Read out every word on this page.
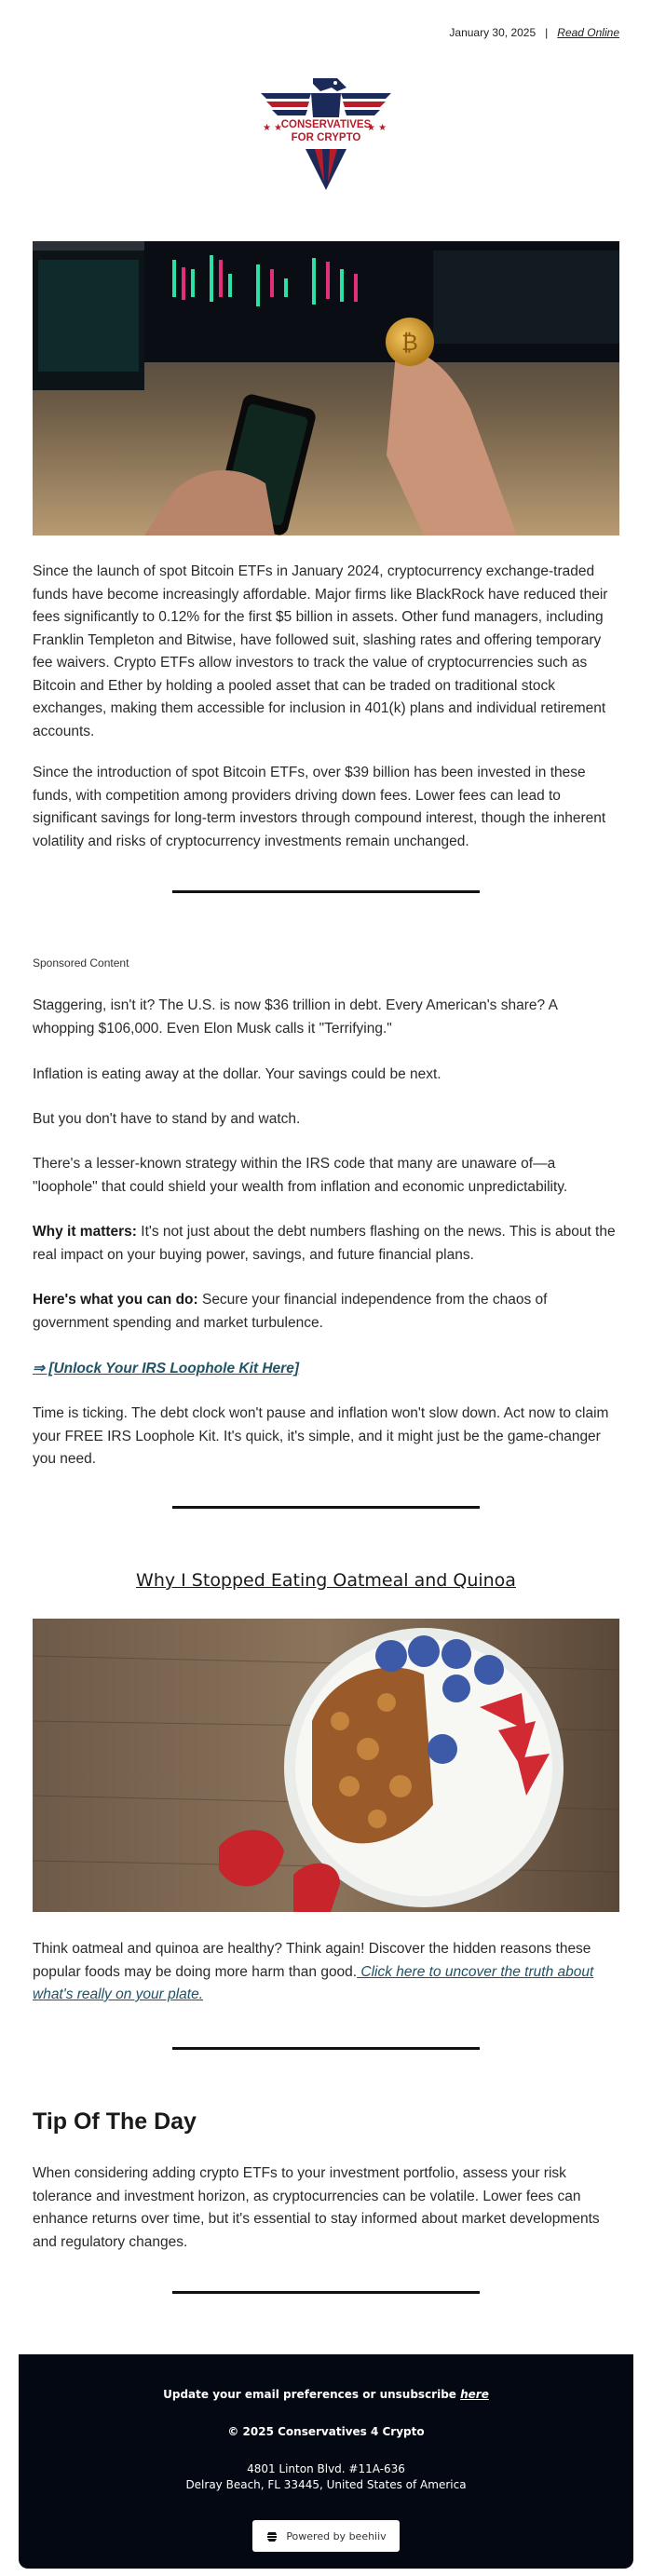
January 30, 2025 | Read Online
★ ★	★ ★
CONSERVATIVES
FOR CRYPTO
₿

Since the launch of spot Bitcoin ETFs in January 2024, cryptocurrency exchange-traded funds have become increasingly affordable. Major firms like BlackRock have reduced their fees significantly to 0.12% for the first $5 billion in assets. Other fund managers, including Franklin Templeton and Bitwise, have followed suit, slashing rates and offering temporary fee waivers. Crypto ETFs allow investors to track the value of cryptocurrencies such as Bitcoin and Ether by holding a pooled asset that can be traded on traditional stock exchanges, making them accessible for inclusion in 401(k) plans and individual retirement accounts.

Since the introduction of spot Bitcoin ETFs, over $39 billion has been invested in these funds, with competition among providers driving down fees. Lower fees can lead to significant savings for long-term investors through compound interest, though the inherent volatility and risks of cryptocurrency investments remain unchanged.

Sponsored Content

Staggering, isn't it? The U.S. is now $36 trillion in debt. Every American's share? A whopping $106,000. Even Elon Musk calls it "Terrifying."

Inflation is eating away at the dollar. Your savings could be next.

But you don't have to stand by and watch.

There's a lesser-known strategy within the IRS code that many are unaware of—a "loophole" that could shield your wealth from inflation and economic unpredictability.

Why it matters: It's not just about the debt numbers flashing on the news. This is about the real impact on your buying power, savings, and future financial plans.

Here's what you can do: Secure your financial independence from the chaos of government spending and market turbulence.

⇒ [Unlock Your IRS Loophole Kit Here]

Time is ticking. The debt clock won't pause and inflation won't slow down. Act now to claim your FREE IRS Loophole Kit. It's quick, it's simple, and it might just be the game-changer you need.

Why I Stopped Eating Oatmeal and Quinoa

Think oatmeal and quinoa are healthy? Think again! Discover the hidden reasons these popular foods may be doing more harm than good. Click here to uncover the truth about what's really on your plate.

Tip Of The Day

When considering adding crypto ETFs to your investment portfolio, assess your risk tolerance and investment horizon, as cryptocurrencies can be volatile. Lower fees can enhance returns over time, but it's essential to stay informed about market developments and regulatory changes.

Update your email preferences or unsubscribe here
© 2025 Conservatives 4 Crypto
4801 Linton Blvd. #11A-636
Delray Beach, FL 33445, United States of America
Powered by beehiiv
